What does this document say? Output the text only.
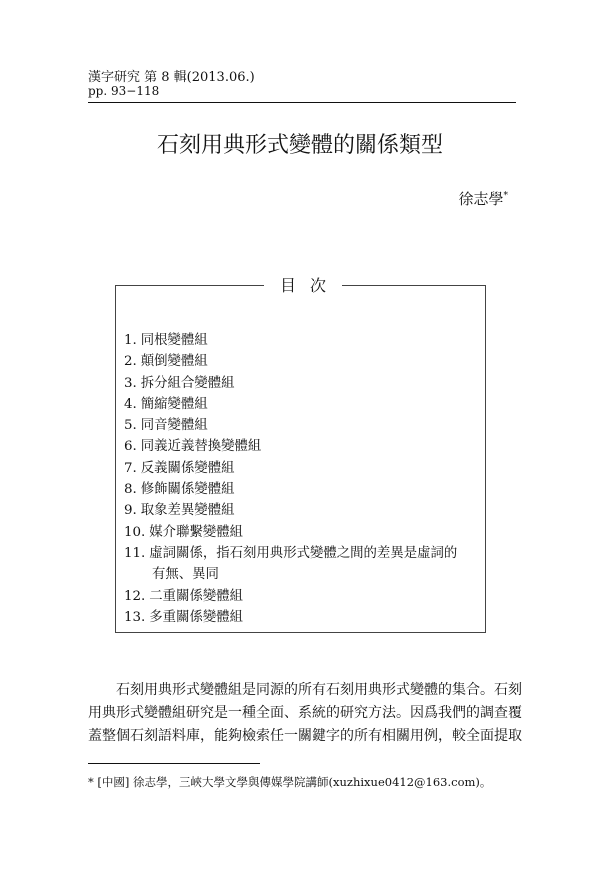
漢字研究 第 8 輯(2013.06.)
pp. 93−118
石刻用典形式變體的關係類型
徐志學*
目次
1. 同根變體組
2. 顛倒變體組
3. 拆分組合變體組
4. 簡縮變體組
5. 同音變體組
6. 同義近義替換變體組
7. 反義關係變體組
8. 修飾關係變體組
9. 取象差異變體組
10. 媒介聯繫變體組
11. 虛詞關係，指石刻用典形式變體之間的差異是虛詞的
有無、異同
12. 二重關係變體組
13. 多重關係變體組

石刻用典形式變體組是同源的所有石刻用典形式變體的集合。石刻
用典形式變體組研究是一種全面、系統的研究方法。因爲我們的調查覆
蓋整個石刻語料庫，能夠檢索任一關鍵字的所有相關用例，較全面提取

* [中國] 徐志學，三峽大學文學與傳媒學院講師(xuzhixue0412@163.com)。
